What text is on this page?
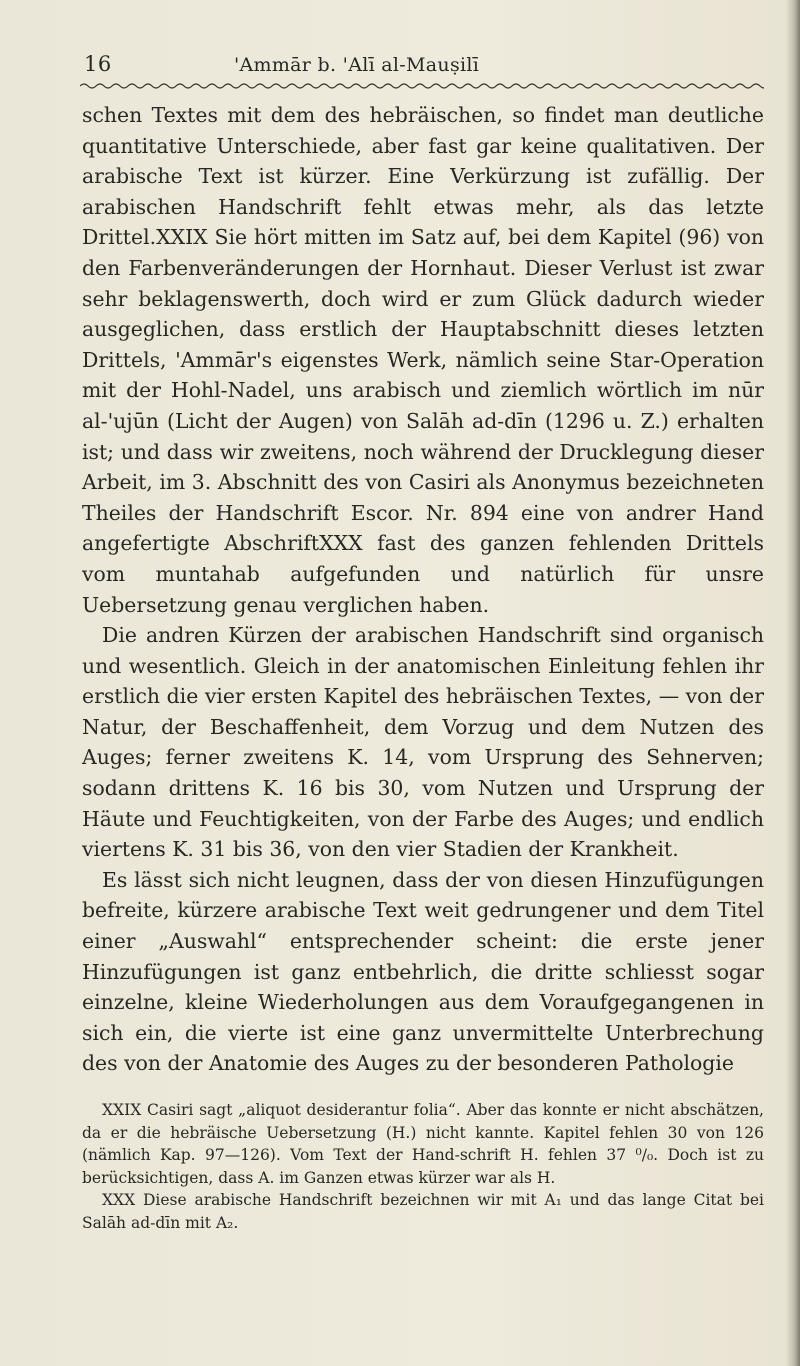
16	'Ammār b. 'Alī al-Mauṣilī

schen Textes mit dem des hebräischen, so findet man deutliche quantitative Unterschiede, aber fast gar keine qualitativen. Der arabische Text ist kürzer. Eine Verkürzung ist zufällig. Der arabischen Handschrift fehlt etwas mehr, als das letzte Drittel.XXIX Sie hört mitten im Satz auf, bei dem Kapitel (96) von den Farbenveränderungen der Hornhaut. Dieser Verlust ist zwar sehr beklagenswerth, doch wird er zum Glück dadurch wieder ausgeglichen, dass erstlich der Hauptabschnitt dieses letzten Drittels, 'Ammār's eigenstes Werk, nämlich seine Star-Operation mit der Hohl-Nadel, uns arabisch und ziemlich wörtlich im nūr al-'ujūn (Licht der Augen) von Salāh ad-dīn (1296 u. Z.) erhalten ist; und dass wir zweitens, noch während der Drucklegung dieser Arbeit, im 3. Abschnitt des von Casiri als Anonymus bezeichneten Theiles der Handschrift Escor. Nr. 894 eine von andrer Hand angefertigte AbschriftXXX fast des ganzen fehlenden Drittels vom muntahab aufgefunden und natürlich für unsre Uebersetzung genau verglichen haben.

Die andren Kürzen der arabischen Handschrift sind organisch und wesentlich. Gleich in der anatomischen Einleitung fehlen ihr erstlich die vier ersten Kapitel des hebräischen Textes, — von der Natur, der Beschaffenheit, dem Vorzug und dem Nutzen des Auges; ferner zweitens K. 14, vom Ursprung des Sehnerven; sodann drittens K. 16 bis 30, vom Nutzen und Ursprung der Häute und Feuchtigkeiten, von der Farbe des Auges; und endlich viertens K. 31 bis 36, von den vier Stadien der Krankheit.

Es lässt sich nicht leugnen, dass der von diesen Hinzufügungen befreite, kürzere arabische Text weit gedrungener und dem Titel einer „Auswahl“ entsprechender scheint: die erste jener Hinzufügungen ist ganz entbehrlich, die dritte schliesst sogar einzelne, kleine Wiederholungen aus dem Voraufgegangenen in sich ein, die vierte ist eine ganz unvermittelte Unterbrechung des von der Anatomie des Auges zu der besonderen Pathologie

XXIX Casiri sagt „aliquot desiderantur folia“. Aber das konnte er nicht abschätzen, da er die hebräische Uebersetzung (H.) nicht kannte. Kapitel fehlen 30 von 126 (nämlich Kap. 97—126). Vom Text der Hand-schrift H. fehlen 37 ⁰/₀. Doch ist zu berücksichtigen, dass A. im Ganzen etwas kürzer war als H.

XXX Diese arabische Handschrift bezeichnen wir mit A₁ und das lange Citat bei Salāh ad-dīn mit A₂.
